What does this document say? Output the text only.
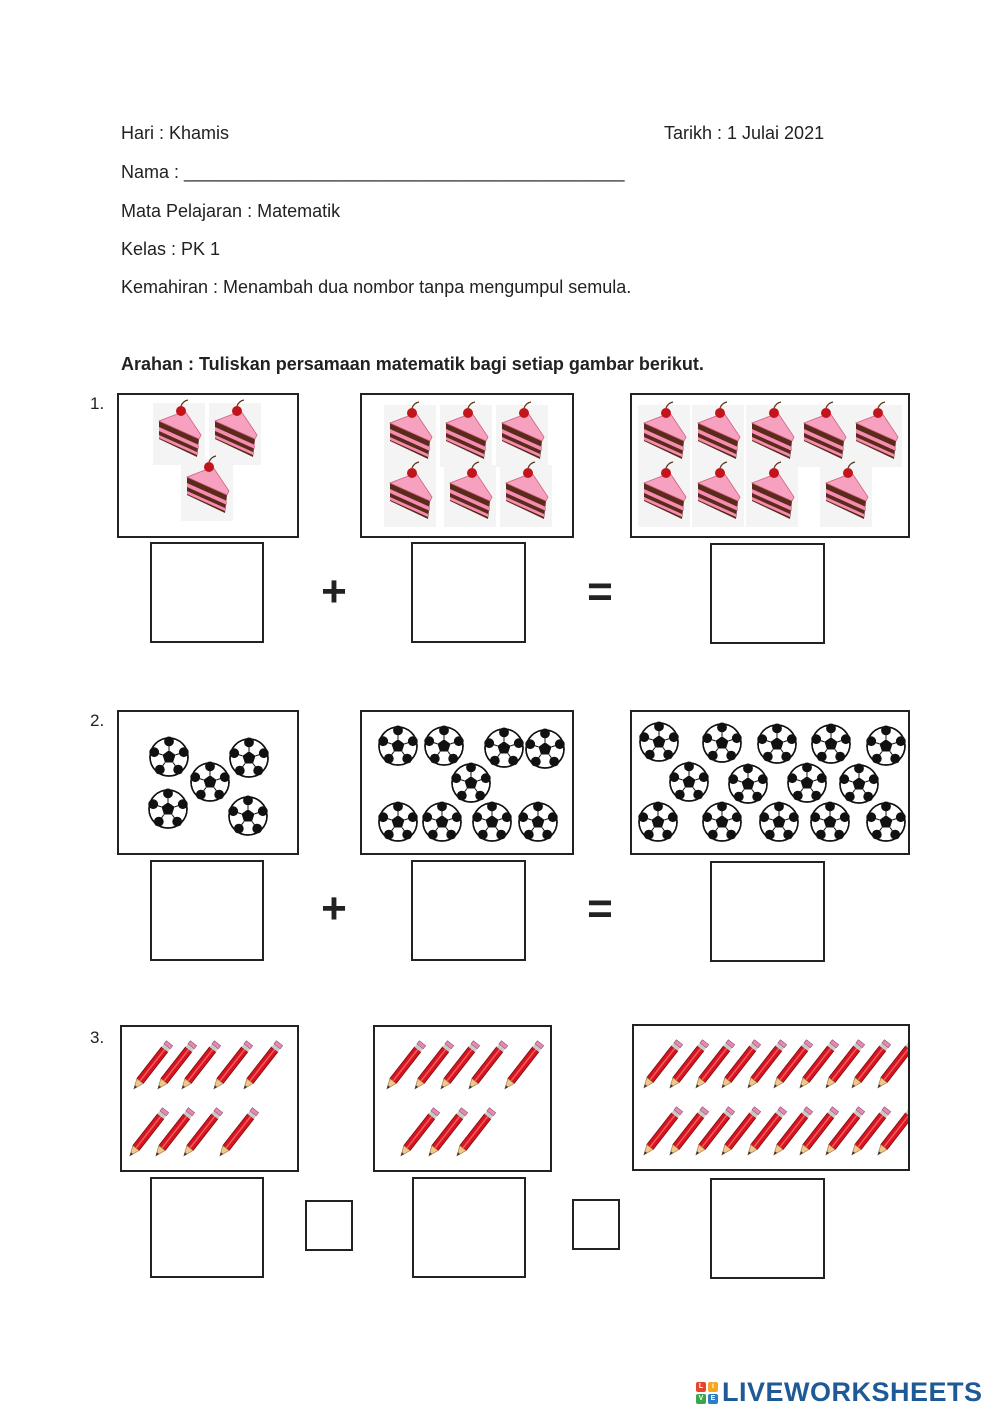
Hari : Khamis	Tarikh : 1 Julai 2021
Nama : ____________________________________________
Mata Pelajaran : Matematik
Kelas : PK 1
Kemahiran : Menambah dua nombor tanpa mengumpul semula.
Arahan : Tuliskan persamaan matematik bagi setiap gambar berikut.
1.
+	=
2.
+	=
3.
L	i
V	E LIVEWORKSHEETS
